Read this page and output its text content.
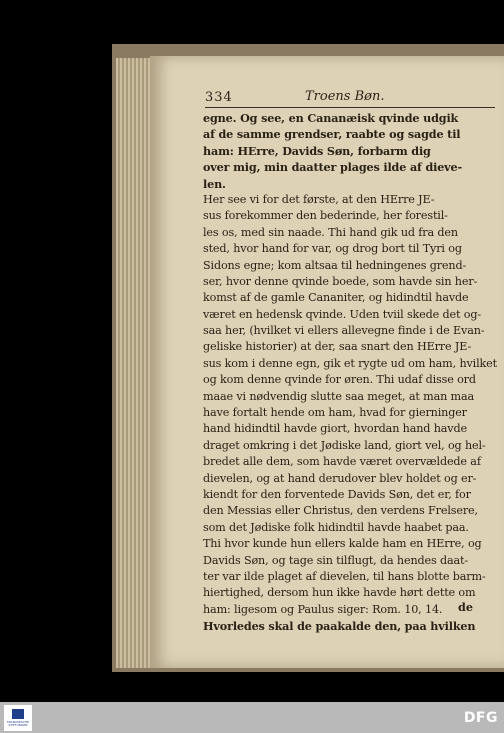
334	Troens Bøn.
egne. Og see, en Cananæisk qvinde udgik
af de samme grendser, raabte og sagde til
ham: HErre, Davids Søn, forbarm dig
over mig, min daatter plages ilde af dieve-
len.
Her see vi for det første, at den HErre JE-
sus forekommer den bederinde, her forestil-
les os, med sin naade. Thi hand gik ud fra den
sted, hvor hand for var, og drog bort til Tyri og
Sidons egne; kom altsaa til hedningenes grend-
ser, hvor denne qvinde boede, som havde sin her-
komst af de gamle Cananiter, og hidindtil havde
været en hedensk qvinde. Uden tviil skede det og-
saa her, (hvilket vi ellers allevegne finde i de Evan-
geliske historier) at der, saa snart den HErre JE-
sus kom i denne egn, gik et rygte ud om ham, hvilket
og kom denne qvinde for øren. Thi udaf disse ord
maae vi nødvendig slutte saa meget, at man maa
have fortalt hende om ham, hvad for gierninger
hand hidindtil havde giort, hvordan hand havde
draget omkring i det Jødiske land, giort vel, og hel-
bredet alle dem, som havde været overvældede af
dievelen, og at hand derudover blev holdet og er-
kiendt for den forventede Davids Søn, det er, for
den Messias eller Christus, den verdens Frelsere,
som det Jødiske folk hidindtil havde haabet paa.
Thi hvor kunde hun ellers kalde ham en HErre, og
Davids Søn, og tage sin tilflugt, da hendes daat-
ter var ilde plaget af dievelen, til hans blotte barm-
hiertighed, dersom hun ikke havde hørt dette om
ham: ligesom og Paulus siger: Rom. 10, 14.
Hvorledes skal de paakalde den, paa hvilken
de
FRANCKESCHE STIFTUNGEN	DFG
